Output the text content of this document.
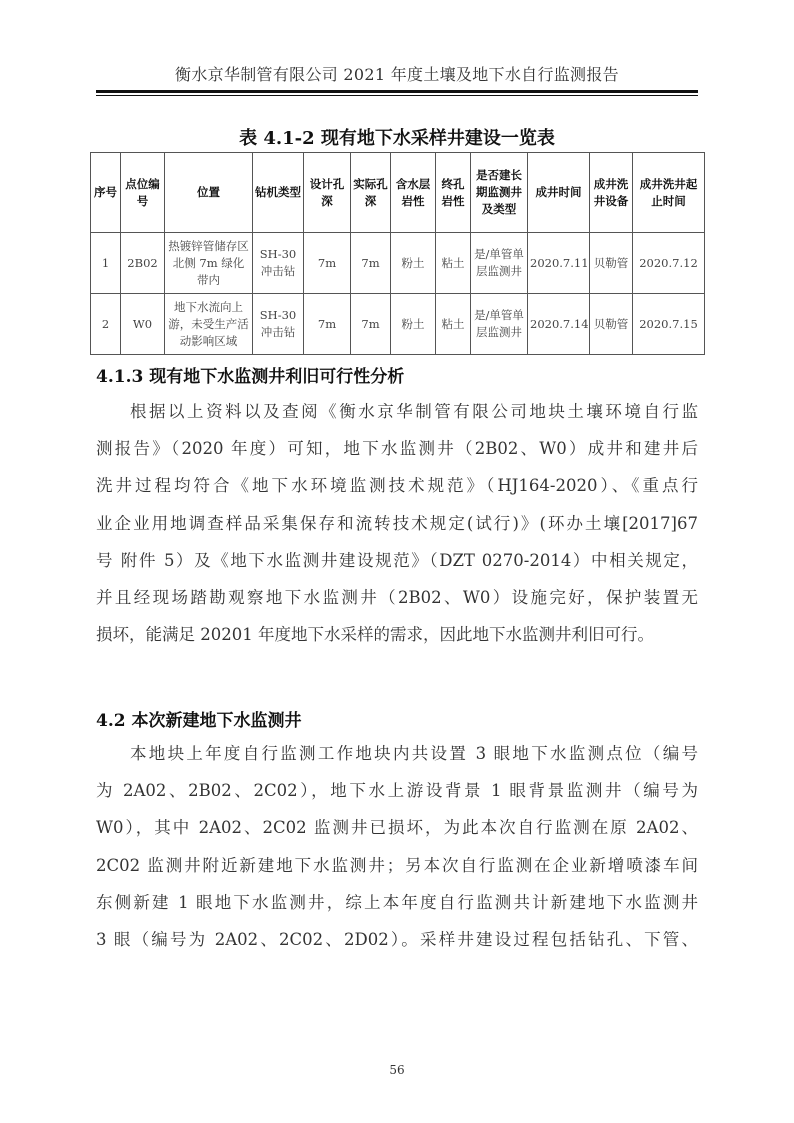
衡水京华制管有限公司 2021 年度土壤及地下水自行监测报告
表 4.1-2 现有地下水采样井建设一览表
序号	点位编号	位置	钻机类型	设计孔深	实际孔深	含水层岩性	终孔岩性	是否建长期监测井及类型	成井时间	成井洗井设备	成井洗井起止时间
1	2B02	热镀锌管储存区北侧 7m 绿化带内	SH-30 冲击钻	7m	7m	粉土	粘土	是/单管单层监测井	2020.7.11	贝勒管	2020.7.12
2	W0	地下水流向上游，未受生产活动影响区域	SH-30 冲击钻	7m	7m	粉土	粘土	是/单管单层监测井	2020.7.14	贝勒管	2020.7.15
4.1.3 现有地下水监测井利旧可行性分析
根据以上资料以及查阅《衡水京华制管有限公司地块土壤环境自行监
测报告》（2020 年度）可知，地下水监测井（2B02、W0）成井和建井后
洗井过程均符合《地下水环境监测技术规范》（HJ164-2020）、《重点行
业企业用地调查样品采集保存和流转技术规定(试行)》(环办土壤[2017]67
号 附件 5）及《地下水监测井建设规范》（DZT 0270-2014）中相关规定，
并且经现场踏勘观察地下水监测井（2B02、W0）设施完好，保护装置无
损坏，能满足 20201 年度地下水采样的需求，因此地下水监测井利旧可行。
4.2 本次新建地下水监测井
本地块上年度自行监测工作地块内共设置 3 眼地下水监测点位（编号
为 2A02、2B02、2C02），地下水上游设背景 1 眼背景监测井（编号为
W0），其中 2A02、2C02 监测井已损坏，为此本次自行监测在原 2A02、
2C02 监测井附近新建地下水监测井；另本次自行监测在企业新增喷漆车间
东侧新建 1 眼地下水监测井，综上本年度自行监测共计新建地下水监测井
3 眼（编号为 2A02、2C02、2D02）。采样井建设过程包括钻孔、下管、
56
